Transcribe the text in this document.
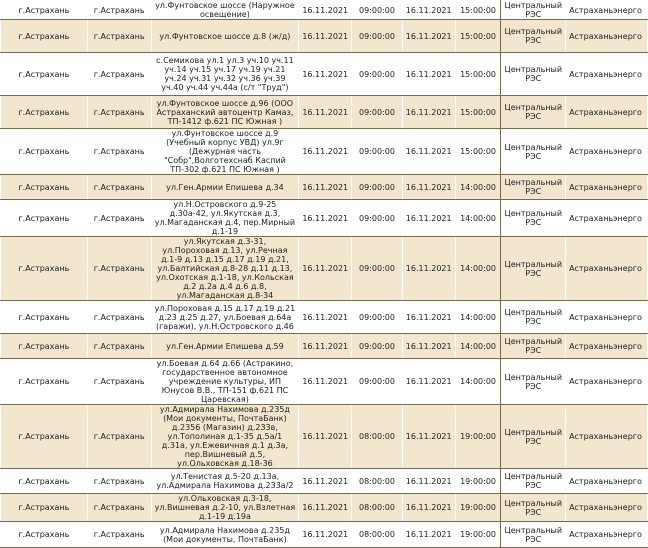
г.Астрахань	г.Астрахань	ул.Фунтовское шоссе (Наружное освещение)	16.11.2021	09:00:00	16.11.2021	15:00:00	Центральный РЭС	Астраханьэнерго
г.Астрахань	г.Астрахань	ул.Фунтовское шоссе д.8 (ж/д)	16.11.2021	09:00:00	16.11.2021	15:00:00	Центральный РЭС	Астраханьэнерго
г.Астрахань	г.Астрахань	с.Семикова ул.1 ул.3 уч.10 уч.11 уч.14 уч.15 уч.17 уч.19 уч.21 уч.24 уч.31 уч.32 уч.36 уч.39 уч.40 уч.44 уч.44а (с/т "Труд")	16.11.2021	09:00:00	16.11.2021	15:00:00	Центральный РЭС	Астраханьэнерго
г.Астрахань	г.Астрахань	ул.Фунтовское шоссе д.96 (ООО Астраханский автоцентр Камаз, ТП-1412 ф.621 ПС Южная )	16.11.2021	09:00:00	16.11.2021	15:00:00	Центральный РЭС	Астраханьэнерго
г.Астрахань	г.Астрахань	ул.Фунтовское шоссе д.9 (Учебный корпус УВД) ул.9г (Дежурная часть "Собр",Волготехснаб Каспий ТП-302 ф.621 ПС Южная )	16.11.2021	09:00:00	16.11.2021	15:00:00	Центральный РЭС	Астраханьэнерго
г.Астрахань	г.Астрахань	ул.Ген.Армии Епишева д.34	16.11.2021	09:00:00	16.11.2021	14:00:00	Центральный РЭС	Астраханьэнерго
г.Астрахань	г.Астрахань	ул.Н.Островского д.9-25 д.30а-42, ул.Якутская д.3, ул.Магаданская д.4, пер.Мирный д.1-19	16.11.2021	09:00:00	16.11.2021	14:00:00	Центральный РЭС	Астраханьэнерго
г.Астрахань	г.Астрахань	ул.Якутская д.3-31, ул.Пороховая д.13, ул.Речная д.1-9 д.13 д.15 д.17 д.19 д.21, ул.Балтийская д.8-28 д.11 д.13, ул.Охотская д.1-18, ул.Кольская д.2 д.2а д.4 д.6 д.8, ул.Магаданская д.8-34	16.11.2021	09:00:00	16.11.2021	14:00:00	Центральный РЭС	Астраханьэнерго
г.Астрахань	г.Астрахань	ул.Пороховая д.15 д.17 д.19 д.21 д.23 д.25 д.27, ул.Боевая д.64а (гаражи), ул.Н.Островского д.46	16.11.2021	09:00:00	16.11.2021	14:00:00	Центральный РЭС	Астраханьэнерго
г.Астрахань	г.Астрахань	ул.Ген.Армии Епишева д.59	16.11.2021	09:00:00	16.11.2021	14:00:00	Центральный РЭС	Астраханьэнерго
г.Астрахань	г.Астрахань	ул.Боевая д.64 д.66 (Астракино, государственное автономное учреждение культуры, ИП Юнусов В.В., ТП-151 ф.621 ПС Царевская)	16.11.2021	09:00:00	16.11.2021	14:00:00	Центральный РЭС	Астраханьэнерго
г.Астрахань	г.Астрахань	ул.Адмирала Нахимова д.235д (Мои документы, ПочтаБанк) д.2356 (Магазин) д.233в, ул.Тополиная д.1-35 д.5а/1 д.31а, ул.Ежевичная д.1 д.3а, пер.Вишневый д.5, ул.Ольховская д.18-36	16.11.2021	08:00:00	16.11.2021	19:00:00	Центральный РЭС	Астраханьэнерго
г.Астрахань	г.Астрахань	ул.Тенистая д.5-20 д.13а, ул.Адмирала Нахимова д.233а/2	16.11.2021	08:00:00	16.11.2021	19:00:00	Центральный РЭС	Астраханьэнерго
г.Астрахань	г.Астрахань	ул.Ольховская д.3-18, ул.Вишневая д.2-10, ул.Взлетная д.1-19 д.19а	16.11.2021	08:00:00	16.11.2021	19:00:00	Центральный РЭС	Астраханьэнерго
г.Астрахань	г.Астрахань	ул.Адмирала Нахимова д.235д (Мои документы, ПочтаБанк)	16.11.2021	08:00:00	16.11.2021	19:00:00	Центральный РЭС	Астраханьэнерго
